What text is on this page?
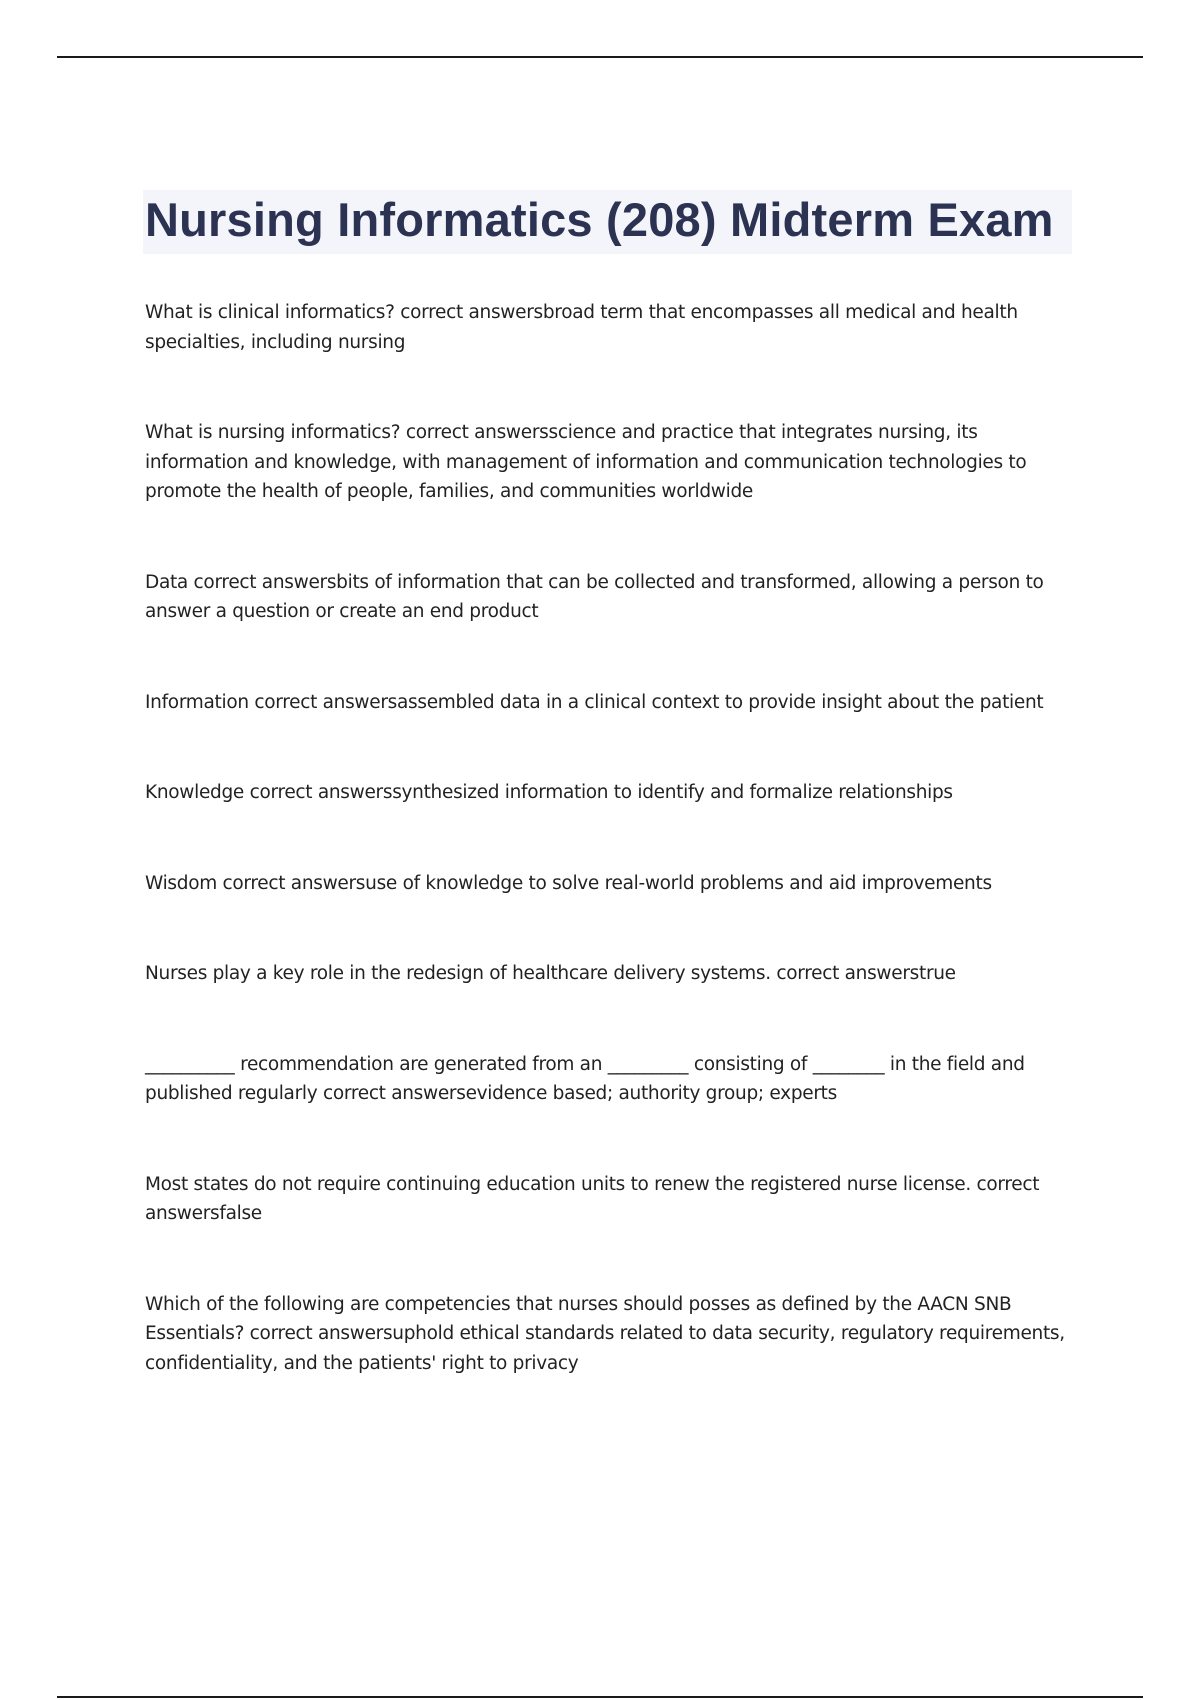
Nursing Informatics (208) Midterm Exam

What is clinical informatics? correct answersbroad term that encompasses all medical and health specialties, including nursing

What is nursing informatics? correct answersscience and practice that integrates nursing, its information and knowledge, with management of information and communication technologies to promote the health of people, families, and communities worldwide

Data correct answersbits of information that can be collected and transformed, allowing a person to answer a question or create an end product

Information correct answersassembled data in a clinical context to provide insight about the patient

Knowledge correct answerssynthesized information to identify and formalize relationships

Wisdom correct answersuse of knowledge to solve real-world problems and aid improvements

Nurses play a key role in the redesign of healthcare delivery systems. correct answerstrue

__________ recommendation are generated from an _________ consisting of ________ in the field and published regularly correct answersevidence based; authority group; experts

Most states do not require continuing education units to renew the registered nurse license. correct answersfalse

Which of the following are competencies that nurses should posses as defined by the AACN SNB Essentials? correct answersuphold ethical standards related to data security, regulatory requirements, confidentiality, and the patients' right to privacy
